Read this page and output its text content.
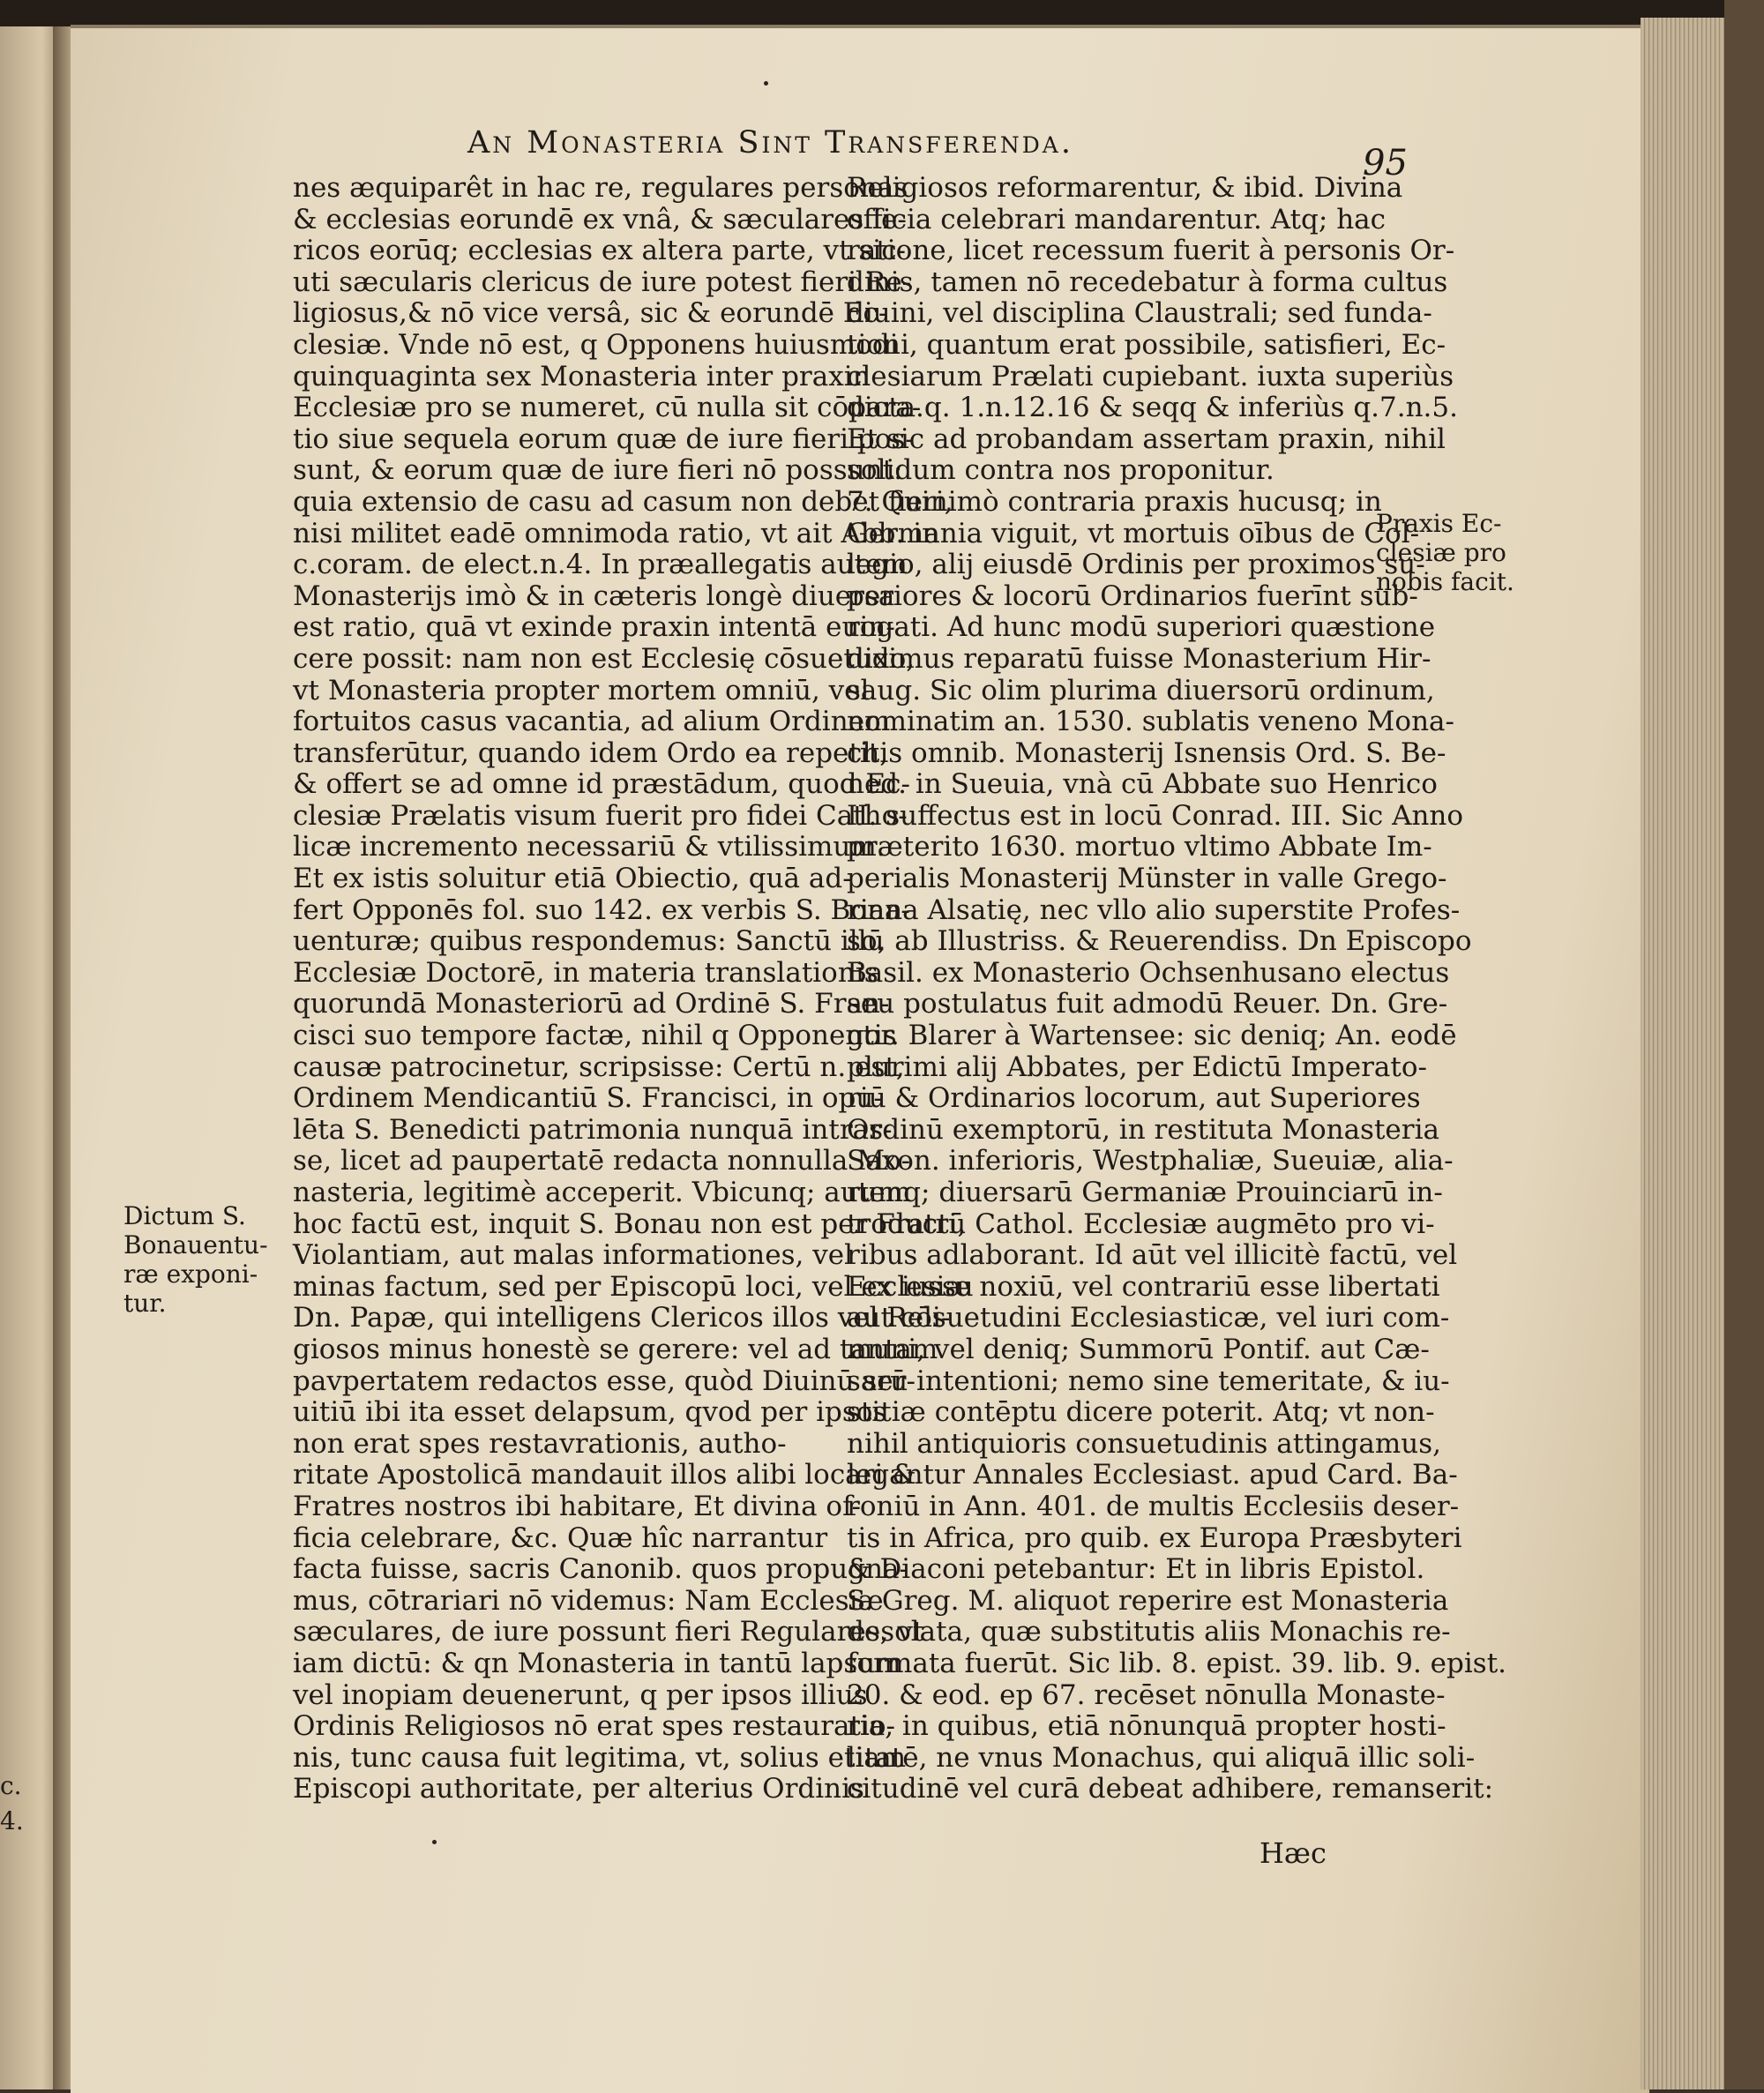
An Monasteria Sint Transferenda.	95
nes æquiparêt in hac re, regulares personas
& ecclesias eorundē ex vnâ, & sæculares le-
ricos eorūq; ecclesias ex altera parte, vt sic-
uti sæcularis clericus de iure potest fieri Re-
ligiosus,& nō vice versâ, sic & eorundē Ec-
clesiæ. Vnde nō est, q Opponens huiusmodi
quinquaginta sex Monasteria inter praxin
Ecclesiæ pro se numeret, cū nulla sit cōpara-
tio siue sequela eorum quæ de iure fieri pos-
sunt, & eorum quæ de iure fieri nō possunt:
quia extensio de casu ad casum non debet fieri,
nisi militet eadē omnimoda ratio, vt ait Abb. in
c.coram. de elect.n.4. In præallegatis autem
Monasterijs imò & in cæteris longè diuersa
est ratio, quā vt exinde praxin intentā euin-
cere possit: nam non est Ecclesię cōsuetudo,
vt Monasteria propter mortem omniū, vel
fortuitos casus vacantia, ad alium Ordinem
transferūtur, quando idem Ordo ea repetit,
& offert se ad omne id præstādum, quod Ec-
clesiæ Prælatis visum fuerit pro fidei Catho-
licæ incremento necessariū & vtilissimum.
Et ex istis soluitur etiā Obiectio, quā ad-
fert Opponēs fol. suo 142. ex verbis S. Bona-
uenturæ; quibus respondemus: Sanctū illū
Ecclesiæ Doctorē, in materia translationis
quorundā Monasteriorū ad Ordinē S. Fran-
cisci suo tempore factæ, nihil q Opponentis
causæ patrocinetur, scripsisse: Certū n. est,
Ordinem Mendicantiū S. Francisci, in opu-
lēta S. Benedicti patrimonia nunquā intras-
se, licet ad paupertatē redacta nonnulla Mo-
nasteria, legitimè acceperit. Vbicunq; autem
hoc factū est, inquit S. Bonau non est per Fratrū
Violantiam, aut malas informationes, vel
minas factum, sed per Episcopū loci, vel ex iussu
Dn. Papæ, qui intelligens Clericos illos vel Reli-
giosos minus honestè se gerere: vel ad tantam
pavpertatem redactos esse, quòd Diuinū ser-
uitiū ibi ita esset delapsum, qvod per ipsos
non erat spes restavrationis, autho-
ritate Apostolicā mandauit illos alibi locari &
Fratres nostros ibi habitare, Et divina of-
ficia celebrare, &c. Quæ hîc narrantur
facta fuisse, sacris Canonib. quos propugna-
mus, cōtrariari nō videmus: Nam Ecclesiæ
sæculares, de iure possunt fieri Regulares, vt
iam dictū: & qn Monasteria in tantū lapsum
vel inopiam deuenerunt, q per ipsos illius
Ordinis Religiosos nō erat spes restauratio-
nis, tunc causa fuit legitima, vt, solius etiam
Episcopi authoritate, per alterius Ordinis
Religiosos reformarentur, & ibid. Divina
officia celebrari mandarentur. Atq; hac
ratione, licet recessum fuerit à personis Or-
dinis, tamen nō recedebatur à forma cultus
diuini, vel disciplina Claustrali; sed funda-
tioni, quantum erat possibile, satisfieri, Ec-
clesiarum Prælati cupiebant. iuxta superiùs
dicta.q. 1.n.12.16 & seqq & inferiùs q.7.n.5.
Et sic ad probandam assertam praxin, nihil
solidum contra nos proponitur.
7. Quinimò contraria praxis hucusq; in
Germania viguit, vt mortuis oībus de Col-
legio, alij eiusdē Ordinis per proximos su-
periores & locorū Ordinarios fuerīnt sub-
rogati. Ad hunc modū superiori quæstione
diximus reparatū fuisse Monasterium Hir-
saug. Sic olim plurima diuersorū ordinum,
nominatim an. 1530. sublatis veneno Mona-
chis omnib. Monasterij Isnensis Ord. S. Be-
ned. in Sueuia, vnà cū Abbate suo Henrico
II. suffectus est in locū Conrad. III. Sic Anno
præterito 1630. mortuo vltimo Abbate Im-
perialis Monasterij Münster in valle Grego-
riana Alsatię, nec vllo alio superstite Profes-
so, ab Illustriss. & Reuerendiss. Dn Episcopo
Basil. ex Monasterio Ochsenhusano electus
seu postulatus fuit admodū Reuer. Dn. Gre-
gor. Blarer à Wartensee: sic deniq; An. eodē
plurimi alij Abbates, per Edictū Imperato-
riū & Ordinarios locorum, aut Superiores
Ordinū exemptorū, in restituta Monasteria
Saxon. inferioris, Westphaliæ, Sueuiæ, alia-
rumq; diuersarū Germaniæ Prouinciarū in-
troducti, Cathol. Ecclesiæ augmēto pro vi-
ribus adlaborant. Id aūt vel illicitè factū, vel
Ecclesiæ noxiū, vel contrariū esse libertati
aut cōsuetudini Ecclesiasticæ, vel iuri com-
muni, vel deniq; Summorū Pontif. aut Cæ-
sarū intentioni; nemo sine temeritate, & iu-
stitiæ contēptu dicere poterit. Atq; vt non-
nihil antiquioris consuetudinis attingamus,
legantur Annales Ecclesiast. apud Card. Ba-
roniū in Ann. 401. de multis Ecclesiis deser-
tis in Africa, pro quib. ex Europa Præsbyteri
& Diaconi petebantur: Et in libris Epistol.
S. Greg. M. aliquot reperire est Monasteria
desolata, quæ substitutis aliis Monachis re-
formata fuerūt. Sic lib. 8. epist. 39. lib. 9. epist.
20. & eod. ep 67. recēset nōnulla Monaste-
ria, in quibus, etiā nōnunquā propter hosti-
litatē, ne vnus Monachus, qui aliquā illic soli-
citudinē vel curā debeat adhibere, remanserit:
Dictum S.
Bonauentu-
ræ exponi-
tur.
Praxis Ec-
clesiæ pro
nobis facit.
c.
4.
Hæc
